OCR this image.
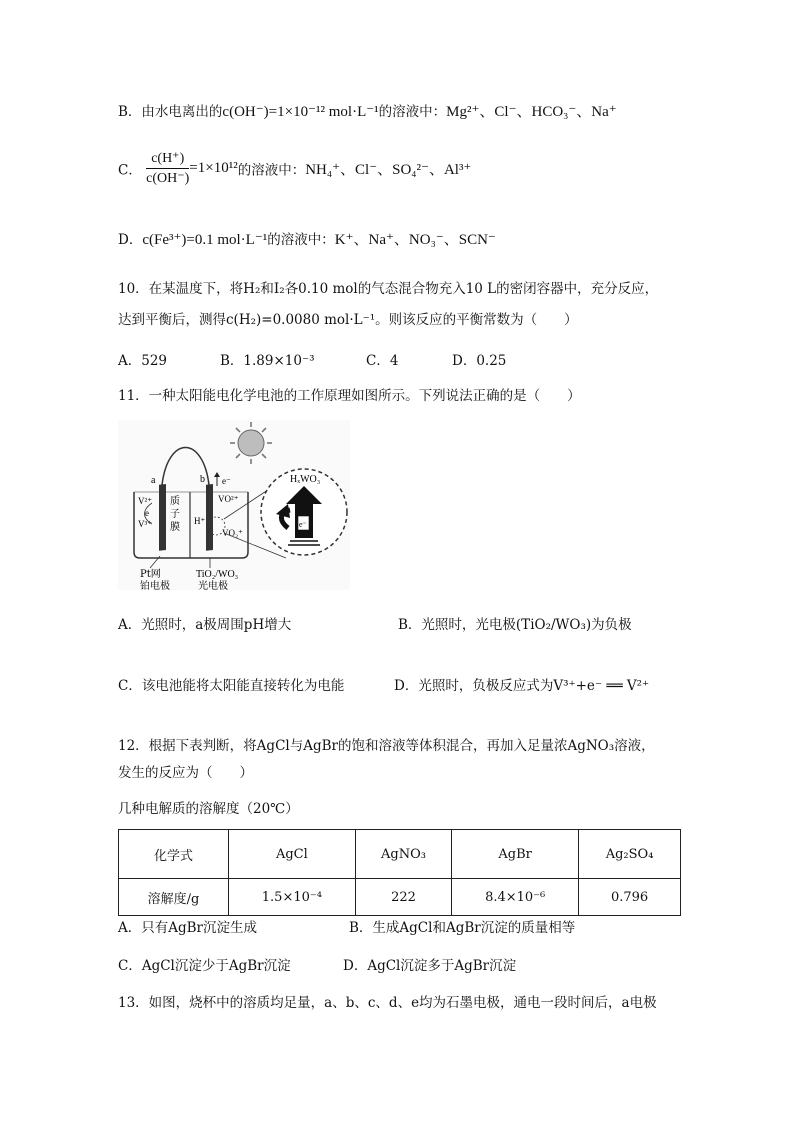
B．由水电离出的c(OH⁻)=1×10⁻¹² mol·L⁻¹的溶液中：Mg²⁺、Cl⁻、HCO₃⁻、Na⁺
C． $\frac{c(H^+)}{c(OH^-)} =1\times 10^{12}$的溶液中：NH₄⁺、Cl⁻、SO₄²⁻、Al³⁺
D．c(Fe³⁺)=0.1 mol·L⁻¹的溶液中：K⁺、Na⁺、NO₃⁻、SCN⁻
10．在某温度下，将H₂和I₂各0.10 mol的气态混合物充入10 L的密闭容器中，充分反应，
达到平衡后，测得c(H₂)=0.0080 mol·L⁻¹。则该反应的平衡常数为（　　）
A．529	B．1.89×10⁻³	C．4	D．0.25
11．一种太阳能电化学电池的工作原理如图所示。下列说法正确的是（　　）
a	b e⁻
质
子
膜
V²⁺
e
V³⁺	H⁺
VO²⁺
VO₂⁺
HₓWO₃
e⁻
Pt网
铂电极
TiO₂/WO₃
光电极
A．光照时，a极周围pH增大	B．光照时，光电极(TiO₂/WO₃)为负极
C．该电池能将太阳能直接转化为电能	D．光照时，负极反应式为V³⁺+e⁻ ══ V²⁺
12．根据下表判断，将AgCl与AgBr的饱和溶液等体积混合，再加入足量浓AgNO₃溶液，
发生的反应为（　　）
几种电解质的溶解度（20℃）
化学式	AgCl	AgNO₃	AgBr	Ag₂SO₄
溶解度/g	1.5×10⁻⁴	222	8.4×10⁻⁶	0.796
A．只有AgBr沉淀生成	B．生成AgCl和AgBr沉淀的质量相等
C．AgCl沉淀少于AgBr沉淀	D．AgCl沉淀多于AgBr沉淀
13．如图，烧杯中的溶质均足量，a、b、c、d、e均为石墨电极，通电一段时间后，a电极
